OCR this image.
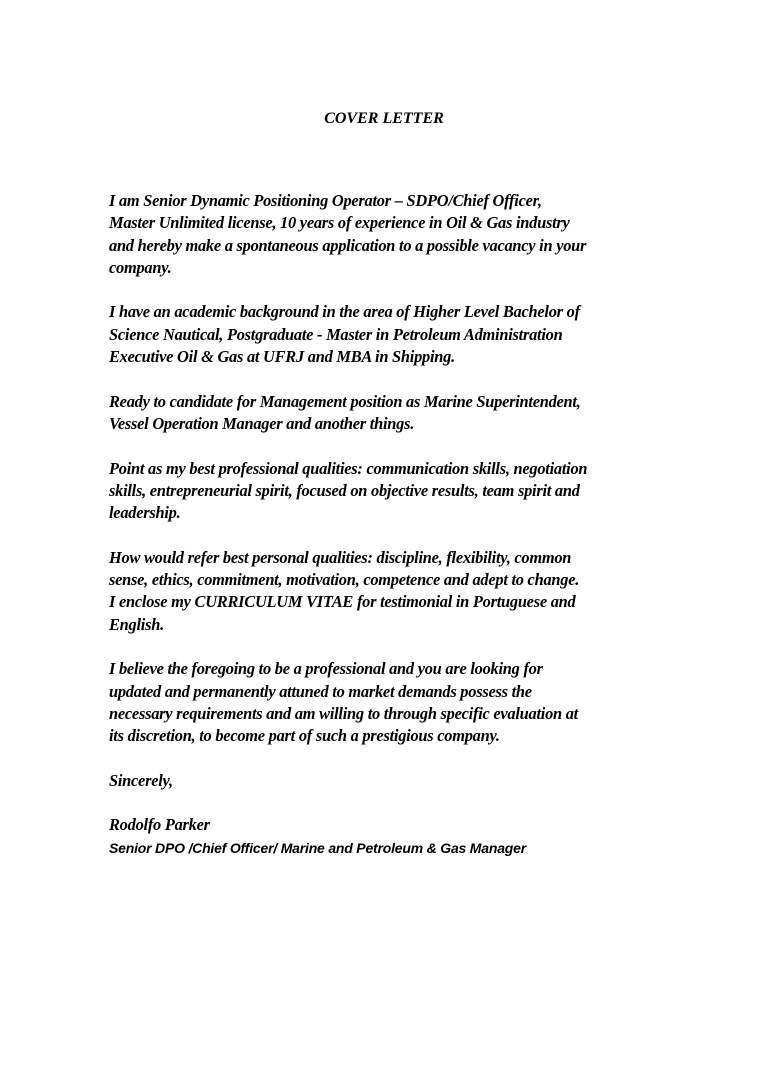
COVER LETTER
I am Senior Dynamic Positioning Operator – SDPO/Chief Officer,
Master Unlimited license, 10 years of experience in Oil & Gas industry
and hereby make a spontaneous application to a possible vacancy in your
company.
I have an academic background in the area of Higher Level Bachelor of
Science Nautical, Postgraduate - Master in Petroleum Administration
Executive Oil & Gas at UFRJ and MBA in Shipping.
Ready to candidate for Management position as Marine Superintendent,
Vessel Operation Manager and another things.
Point as my best professional qualities: communication skills, negotiation
skills, entrepreneurial spirit, focused on objective results, team spirit and
leadership.
How would refer best personal qualities: discipline, flexibility, common
sense, ethics, commitment, motivation, competence and adept to change.
I enclose my CURRICULUM VITAE for testimonial in Portuguese and
English.
I believe the foregoing to be a professional and you are looking for
updated and permanently attuned to market demands possess the
necessary requirements and am willing to through specific evaluation at
its discretion, to become part of such a prestigious company.
Sincerely,
Rodolfo Parker
Senior DPO /Chief Officer/ Marine and Petroleum & Gas Manager
